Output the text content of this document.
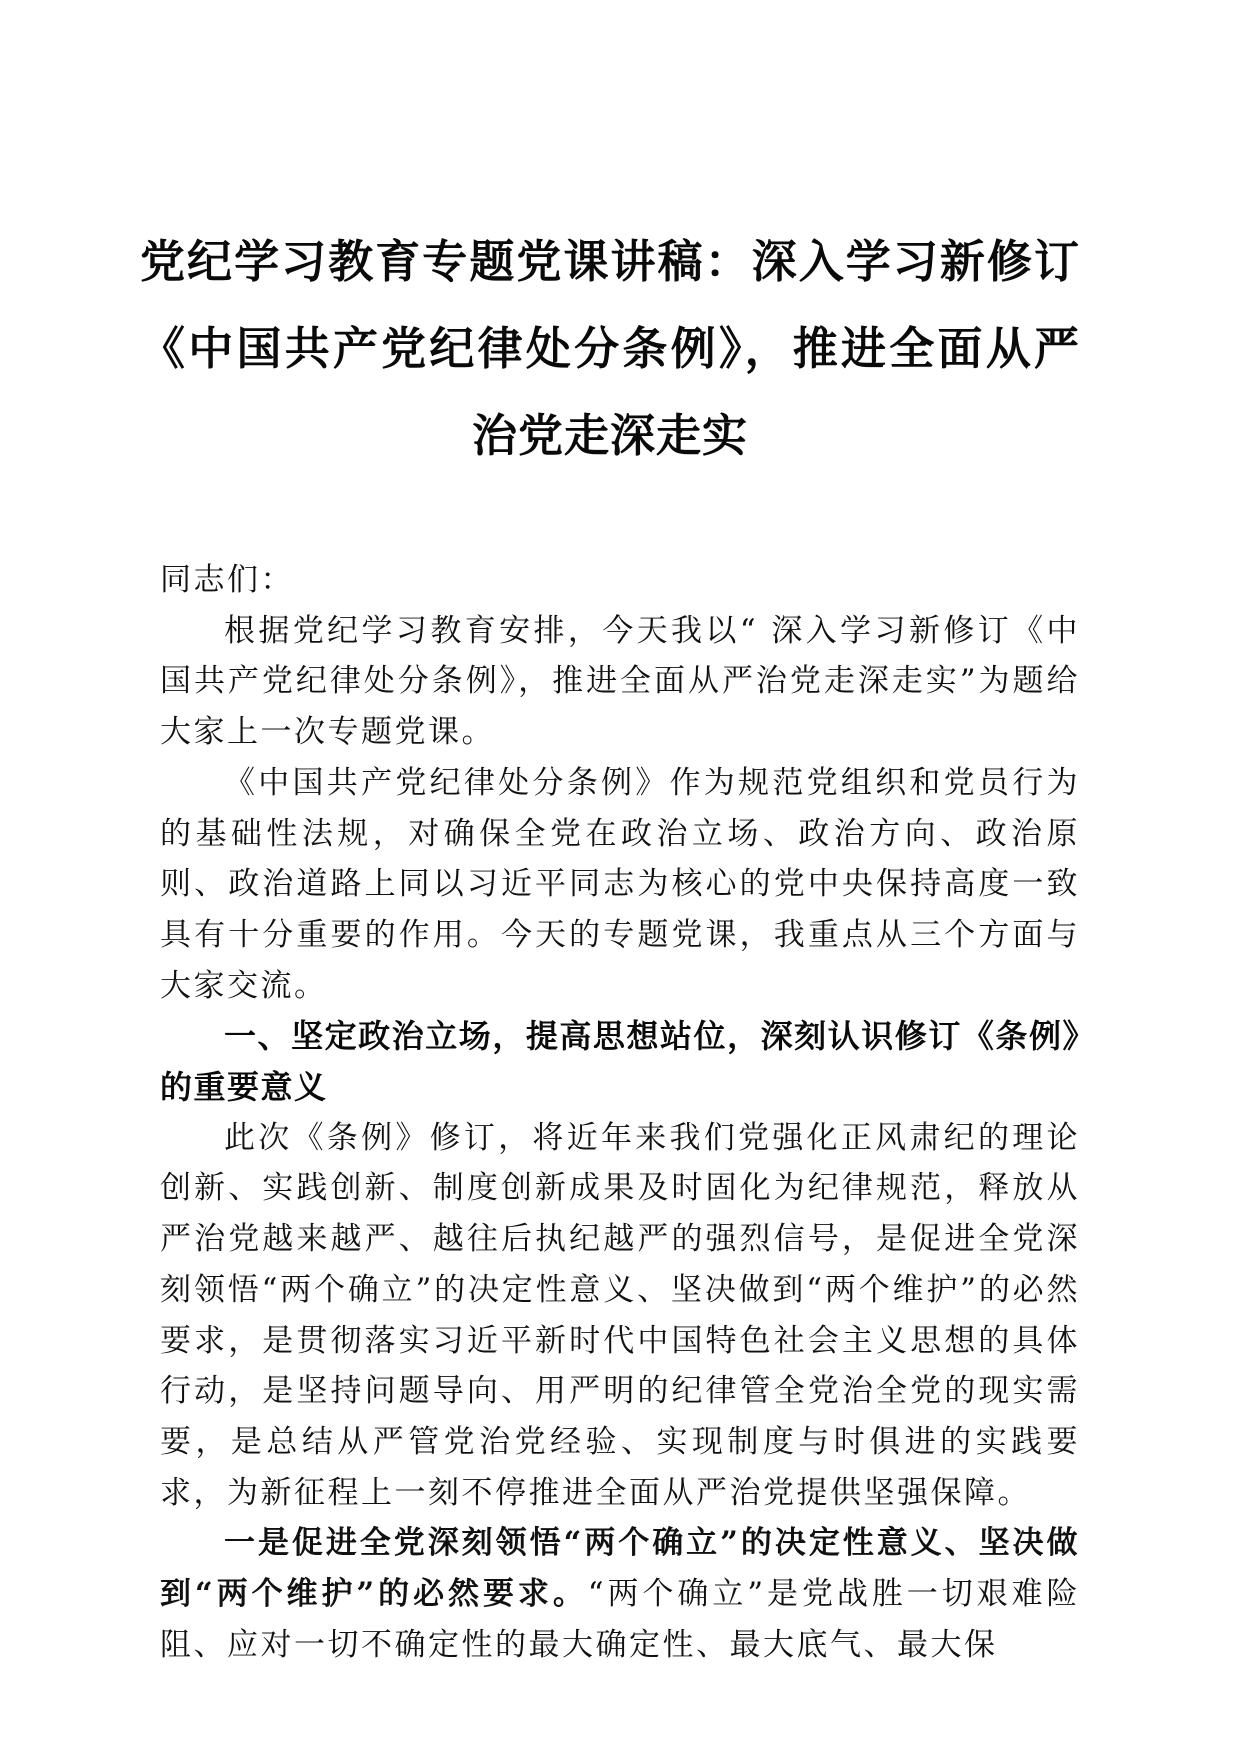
党纪学习教育专题党课讲稿：深入学习新修订《中国共产党纪律处分条例》，推进全面从严治党走深走实

同志们：

根据党纪学习教育安排，今天我以“ 深入学习新修订《中国共产党纪律处分条例》，推进全面从严治党走深走实”为题给大家上一次专题党课。

《中国共产党纪律处分条例》作为规范党组织和党员行为的基础性法规，对确保全党在政治立场、政治方向、政治原则、政治道路上同以习近平同志为核心的党中央保持高度一致具有十分重要的作用。今天的专题党课，我重点从三个方面与大家交流。

一、坚定政治立场，提高思想站位，深刻认识修订《条例》的重要意义

此次《条例》修订，将近年来我们党强化正风肃纪的理论创新、实践创新、制度创新成果及时固化为纪律规范，释放从严治党越来越严、越往后执纪越严的强烈信号，是促进全党深刻领悟“两个确立”的决定性意义、坚决做到“两个维护”的必然要求，是贯彻落实习近平新时代中国特色社会主义思想的具体行动，是坚持问题导向、用严明的纪律管全党治全党的现实需要，是总结从严管党治党经验、实现制度与时俱进的实践要求，为新征程上一刻不停推进全面从严治党提供坚强保障。

一是促进全党深刻领悟“两个确立”的决定性意义、坚决做到“两个维护”的必然要求。“两个确立”是党战胜一切艰难险阻、应对一切不确定性的最大确定性、最大底气、最大保
